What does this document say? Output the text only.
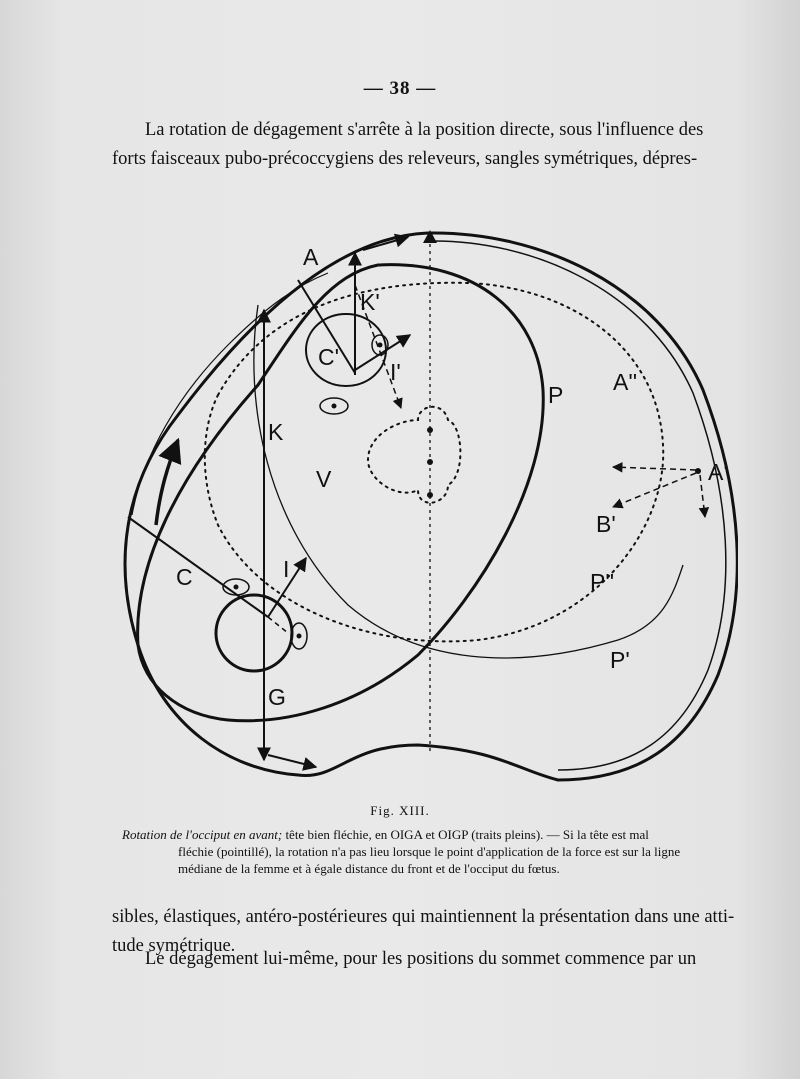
— 38 —
La rotation de dégagement s'arrête à la position directe, sous l'influence des
forts faisceaux pubo-précoccygiens des releveurs, sangles symétriques, dépres-
A
K'
C'
I'
K
V
P A''
A'
B'
C	I	P''
P'
G
Fig. XIII.
Rotation de l'occiput en avant; tête bien fléchie, en OIGA et OIGP (traits pleins). — Si la tête est mal
fléchie (pointillé), la rotation n'a pas lieu lorsque le point d'application de la force est sur la ligne
médiane de la femme et à égale distance du front et de l'occiput du fœtus.
sibles, élastiques, antéro-postérieures qui maintiennent la présentation dans une atti-
tude symétrique.
Le dégagement lui-même, pour les positions du sommet commence par un
